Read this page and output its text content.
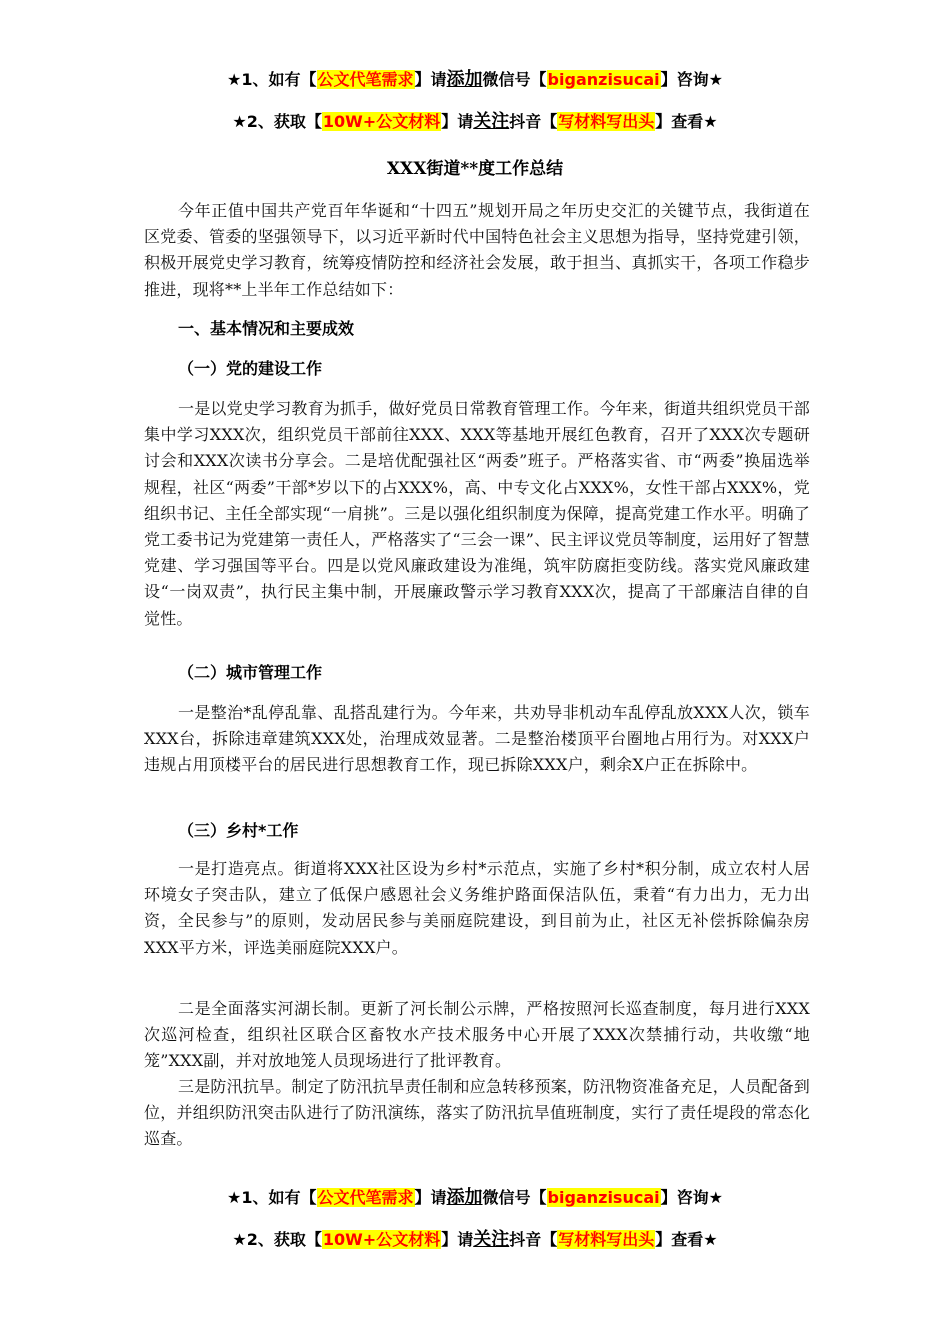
★1、如有【公文代笔需求】请添加微信号【biganzisucai】咨询★
★2、获取【10W+公文材料】请关注抖音【写材料写出头】查看★
XXX街道**度工作总结

今年正值中国共产党百年华诞和“十四五”规划开局之年历史交汇的关键节点，我街道在区党委、管委的坚强领导下，以习近平新时代中国特色社会主义思想为指导，坚持党建引领，积极开展党史学习教育，统筹疫情防控和经济社会发展，敢于担当、真抓实干，各项工作稳步推进，现将**上半年工作总结如下：

一、基本情况和主要成效

（一）党的建设工作

一是以党史学习教育为抓手，做好党员日常教育管理工作。今年来，街道共组织党员干部集中学习XXX次，组织党员干部前往XXX、XXX等基地开展红色教育，召开了XXX次专题研讨会和XXX次读书分享会。二是培优配强社区“两委”班子。严格落实省、市“两委”换届选举规程，社区“两委”干部*岁以下的占XXX%，高、中专文化占XXX%，女性干部占XXX%，党组织书记、主任全部实现“一肩挑”。三是以强化组织制度为保障，提高党建工作水平。明确了党工委书记为党建第一责任人，严格落实了“三会一课”、民主评议党员等制度，运用好了智慧党建、学习强国等平台。四是以党风廉政建设为准绳，筑牢防腐拒变防线。落实党风廉政建设“一岗双责”，执行民主集中制，开展廉政警示学习教育XXX次，提高了干部廉洁自律的自觉性。

（二）城市管理工作

一是整治*乱停乱靠、乱搭乱建行为。今年来，共劝导非机动车乱停乱放XXX人次，锁车XXX台，拆除违章建筑XXX处，治理成效显著。二是整治楼顶平台圈地占用行为。对XXX户违规占用顶楼平台的居民进行思想教育工作，现已拆除XXX户，剩余X户正在拆除中。

（三）乡村*工作

一是打造亮点。街道将XXX社区设为乡村*示范点，实施了乡村*积分制，成立农村人居环境女子突击队，建立了低保户感恩社会义务维护路面保洁队伍，秉着“有力出力，无力出资，全民参与”的原则，发动居民参与美丽庭院建设，到目前为止，社区无补偿拆除偏杂房XXX平方米，评选美丽庭院XXX户。

二是全面落实河湖长制。更新了河长制公示牌，严格按照河长巡查制度，每月进行XXX次巡河检查，组织社区联合区畜牧水产技术服务中心开展了XXX次禁捕行动，共收缴“地笼”XXX副，并对放地笼人员现场进行了批评教育。

三是防汛抗旱。制定了防汛抗旱责任制和应急转移预案，防汛物资准备充足，人员配备到位，并组织防汛突击队进行了防汛演练，落实了防汛抗旱值班制度，实行了责任堤段的常态化巡查。

★1、如有【公文代笔需求】请添加微信号【biganzisucai】咨询★
★2、获取【10W+公文材料】请关注抖音【写材料写出头】查看★
